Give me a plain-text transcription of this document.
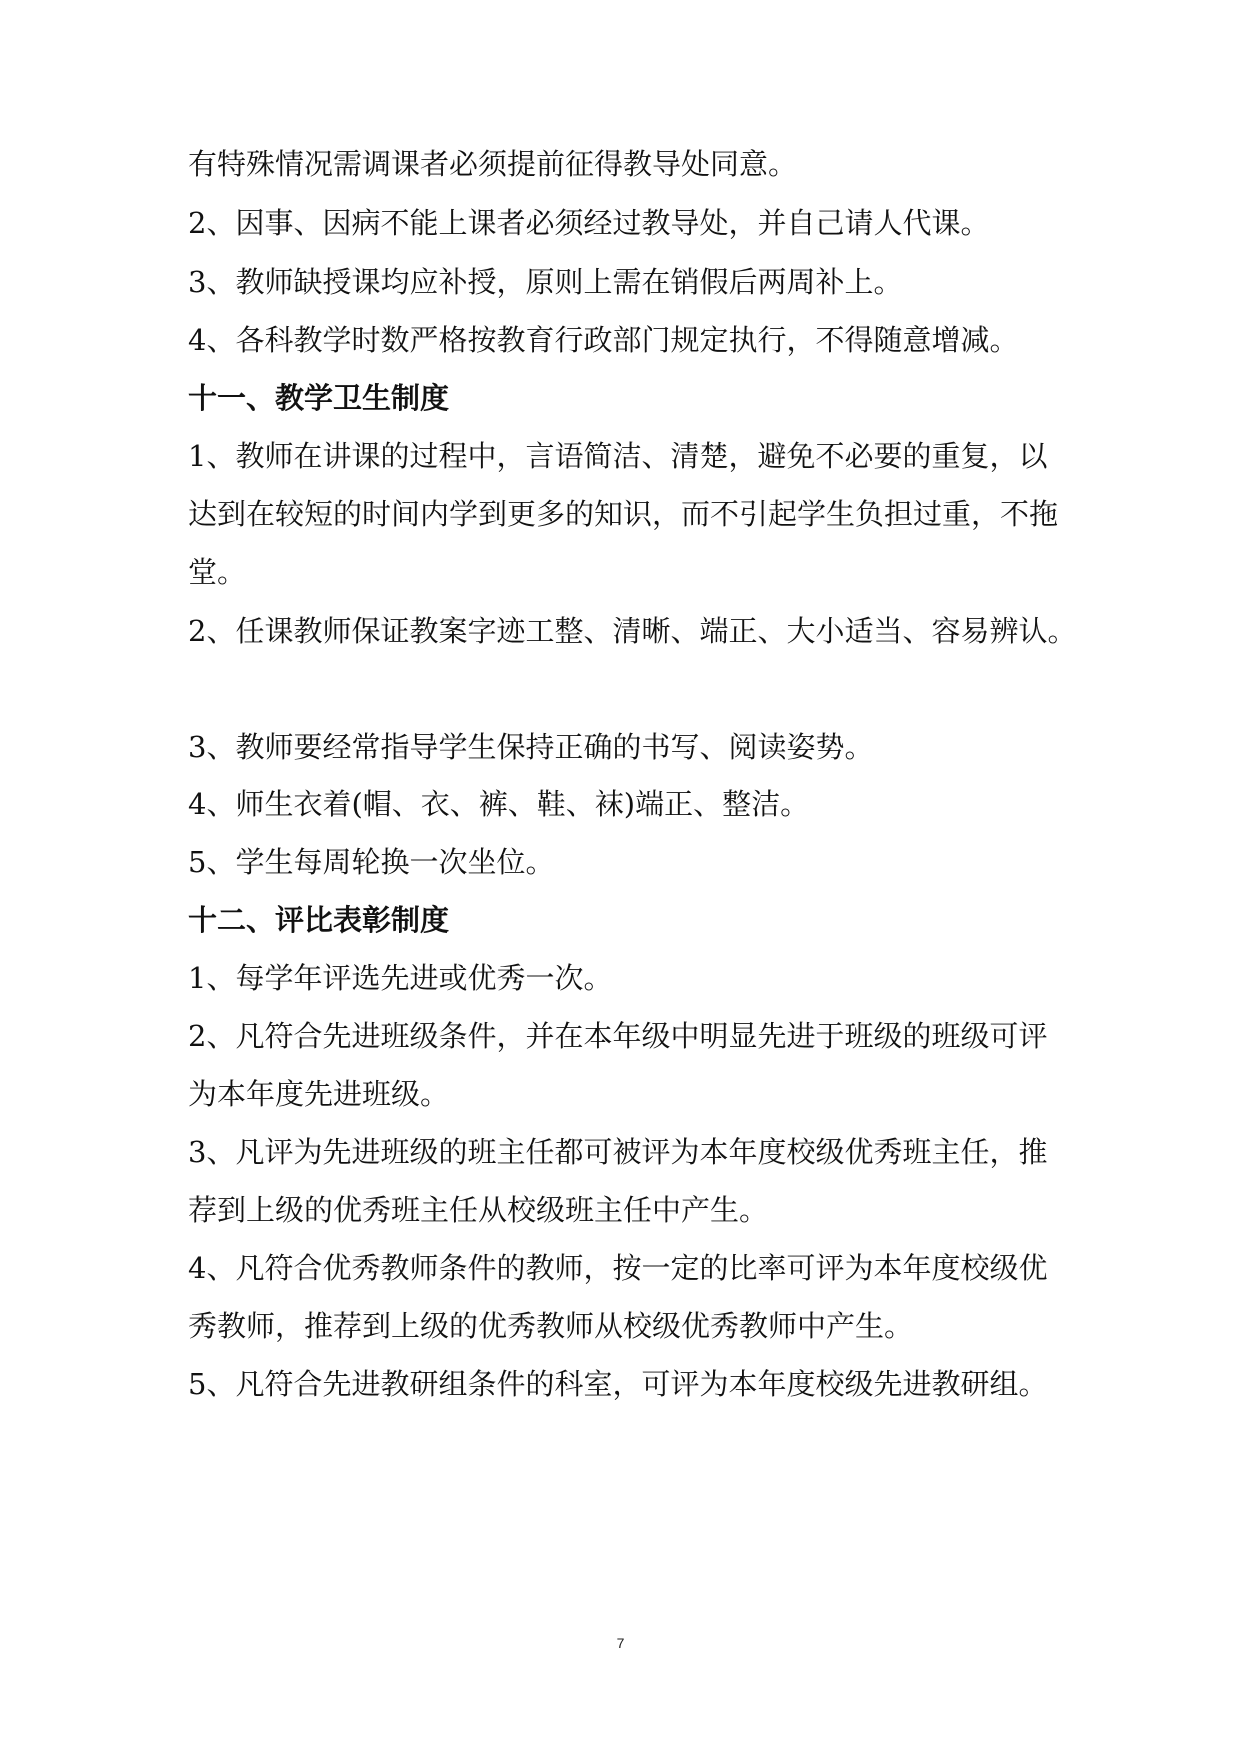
有特殊情况需调课者必须提前征得教导处同意。
2、因事、因病不能上课者必须经过教导处，并自己请人代课。
3、教师缺授课均应补授，原则上需在销假后两周补上。
4、各科教学时数严格按教育行政部门规定执行，不得随意增减。
十一、教学卫生制度
1、教师在讲课的过程中，言语简洁、清楚，避免不必要的重复，以
达到在较短的时间内学到更多的知识，而不引起学生负担过重，不拖
堂。
2、任课教师保证教案字迹工整、清晰、端正、大小适当、容易辨认。
3、教师要经常指导学生保持正确的书写、阅读姿势。
4、师生衣着(帽、衣、裤、鞋、袜)端正、整洁。
5、学生每周轮换一次坐位。
十二、评比表彰制度
1、每学年评选先进或优秀一次。
2、凡符合先进班级条件，并在本年级中明显先进于班级的班级可评
为本年度先进班级。
3、凡评为先进班级的班主任都可被评为本年度校级优秀班主任，推
荐到上级的优秀班主任从校级班主任中产生。
4、凡符合优秀教师条件的教师，按一定的比率可评为本年度校级优
秀教师，推荐到上级的优秀教师从校级优秀教师中产生。
5、凡符合先进教研组条件的科室，可评为本年度校级先进教研组。
7
